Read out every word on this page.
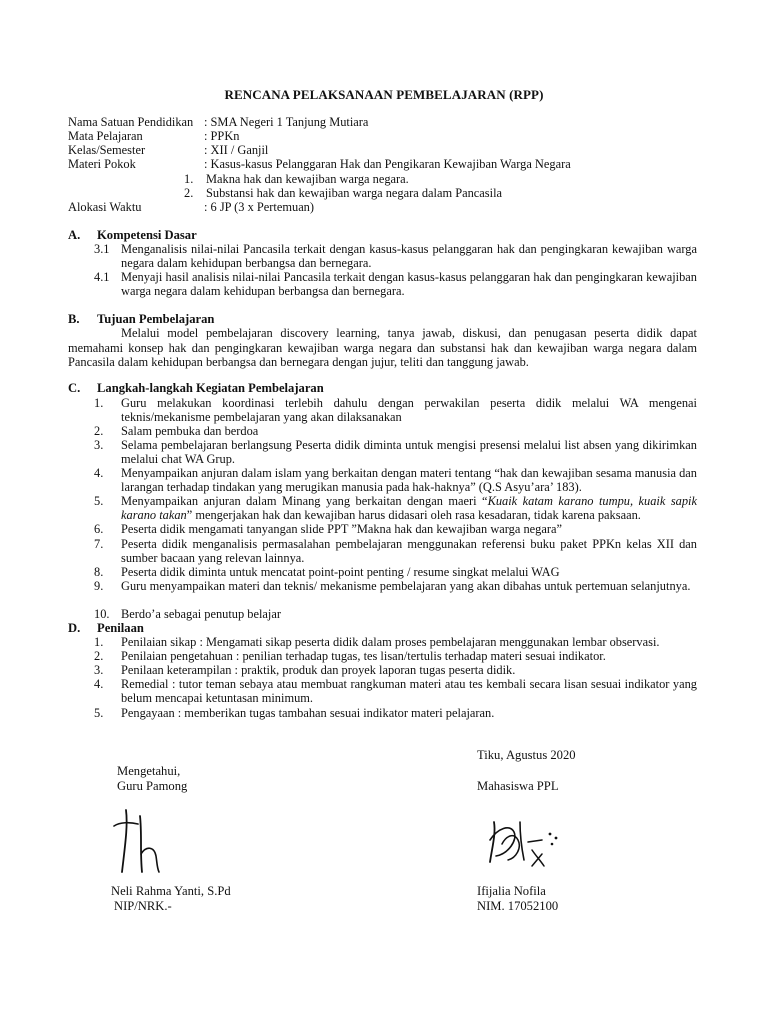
RENCANA PELAKSANAAN PEMBELAJARAN (RPP)
Nama Satuan Pendidikan : SMA Negeri 1 Tanjung Mutiara
Mata Pelajaran	: PPKn
Kelas/Semester	: XII / Ganjil
Materi Pokok	: Kasus-kasus Pelanggaran Hak dan Pengikaran Kewajiban Warga Negara
1. Makna hak dan kewajiban warga negara.
2. Substansi hak dan kewajiban warga negara dalam Pancasila
Alokasi Waktu	: 6 JP (3 x Pertemuan)
A. Kompetensi Dasar
3.1 Menganalisis nilai-nilai Pancasila terkait dengan kasus-kasus pelanggaran hak dan pengingkaran kewajiban warga negara dalam kehidupan berbangsa dan bernegara.
4.1 Menyaji hasil analisis nilai-nilai Pancasila terkait dengan kasus-kasus pelanggaran hak dan pengingkaran kewajiban warga negara dalam kehidupan berbangsa dan bernegara.
B. Tujuan Pembelajaran
Melalui model pembelajaran discovery learning, tanya jawab, diskusi, dan penugasan peserta didik dapat memahami konsep hak dan pengingkaran kewajiban warga negara dan substansi hak dan kewajiban warga negara dalam Pancasila dalam kehidupan berbangsa dan bernegara dengan jujur, teliti dan tanggung jawab.
C. Langkah-langkah Kegiatan Pembelajaran
1.	Guru melakukan koordinasi terlebih dahulu dengan perwakilan peserta didik melalui WA mengenai teknis/mekanisme pembelajaran yang akan dilaksanakan
2.	Salam pembuka dan berdoa
3.	Selama pembelajaran berlangsung Peserta didik diminta untuk mengisi presensi melalui list absen yang dikirimkan melalui chat WA Grup.
4.	Menyampaikan anjuran dalam islam yang berkaitan dengan materi tentang “hak dan kewajiban sesama manusia dan larangan terhadap tindakan yang merugikan manusia pada hak-haknya” (Q.S Asyu’ara’ 183).
5.	Menyampaikan anjuran dalam Minang yang berkaitan dengan maeri “Kuaik katam karano tumpu, kuaik sapik karano takan” mengerjakan hak dan kewajiban harus didasari oleh rasa kesadaran, tidak karena paksaan.
6.	Peserta didik mengamati tanyangan slide PPT ”Makna hak dan kewajiban warga negara”
7.	Peserta didik menganalisis permasalahan pembelajaran menggunakan referensi buku paket PPKn kelas XII dan sumber bacaan yang relevan lainnya.
8.	Peserta didik diminta untuk mencatat point-point penting / resume singkat melalui WAG
9.	Guru menyampaikan materi dan teknis/ mekanisme pembelajaran yang akan dibahas untuk pertemuan selanjutnya.
10. Berdo’a sebagai penutup belajar
D. Penilaan
1.	Penilaian sikap : Mengamati sikap peserta didik dalam proses pembelajaran menggunakan lembar observasi.
2.	Penilaian pengetahuan : penilian terhadap tugas, tes lisan/tertulis terhadap materi sesuai indikator.
3.	Penilaan keterampilan : praktik, produk dan proyek laporan tugas peserta didik.
4.	Remedial : tutor teman sebaya atau membuat rangkuman materi atau tes kembali secara lisan sesuai indikator yang belum mencapai ketuntasan minimum.
5.	Pengayaan : memberikan tugas tambahan sesuai indikator materi pelajaran.
Tiku, Agustus 2020
Mengetahui,
Guru Pamong	Mahasiswa PPL
Neli Rahma Yanti, S.Pd
NIP/NRK.-
Ifijalia Nofila
NIM. 17052100
